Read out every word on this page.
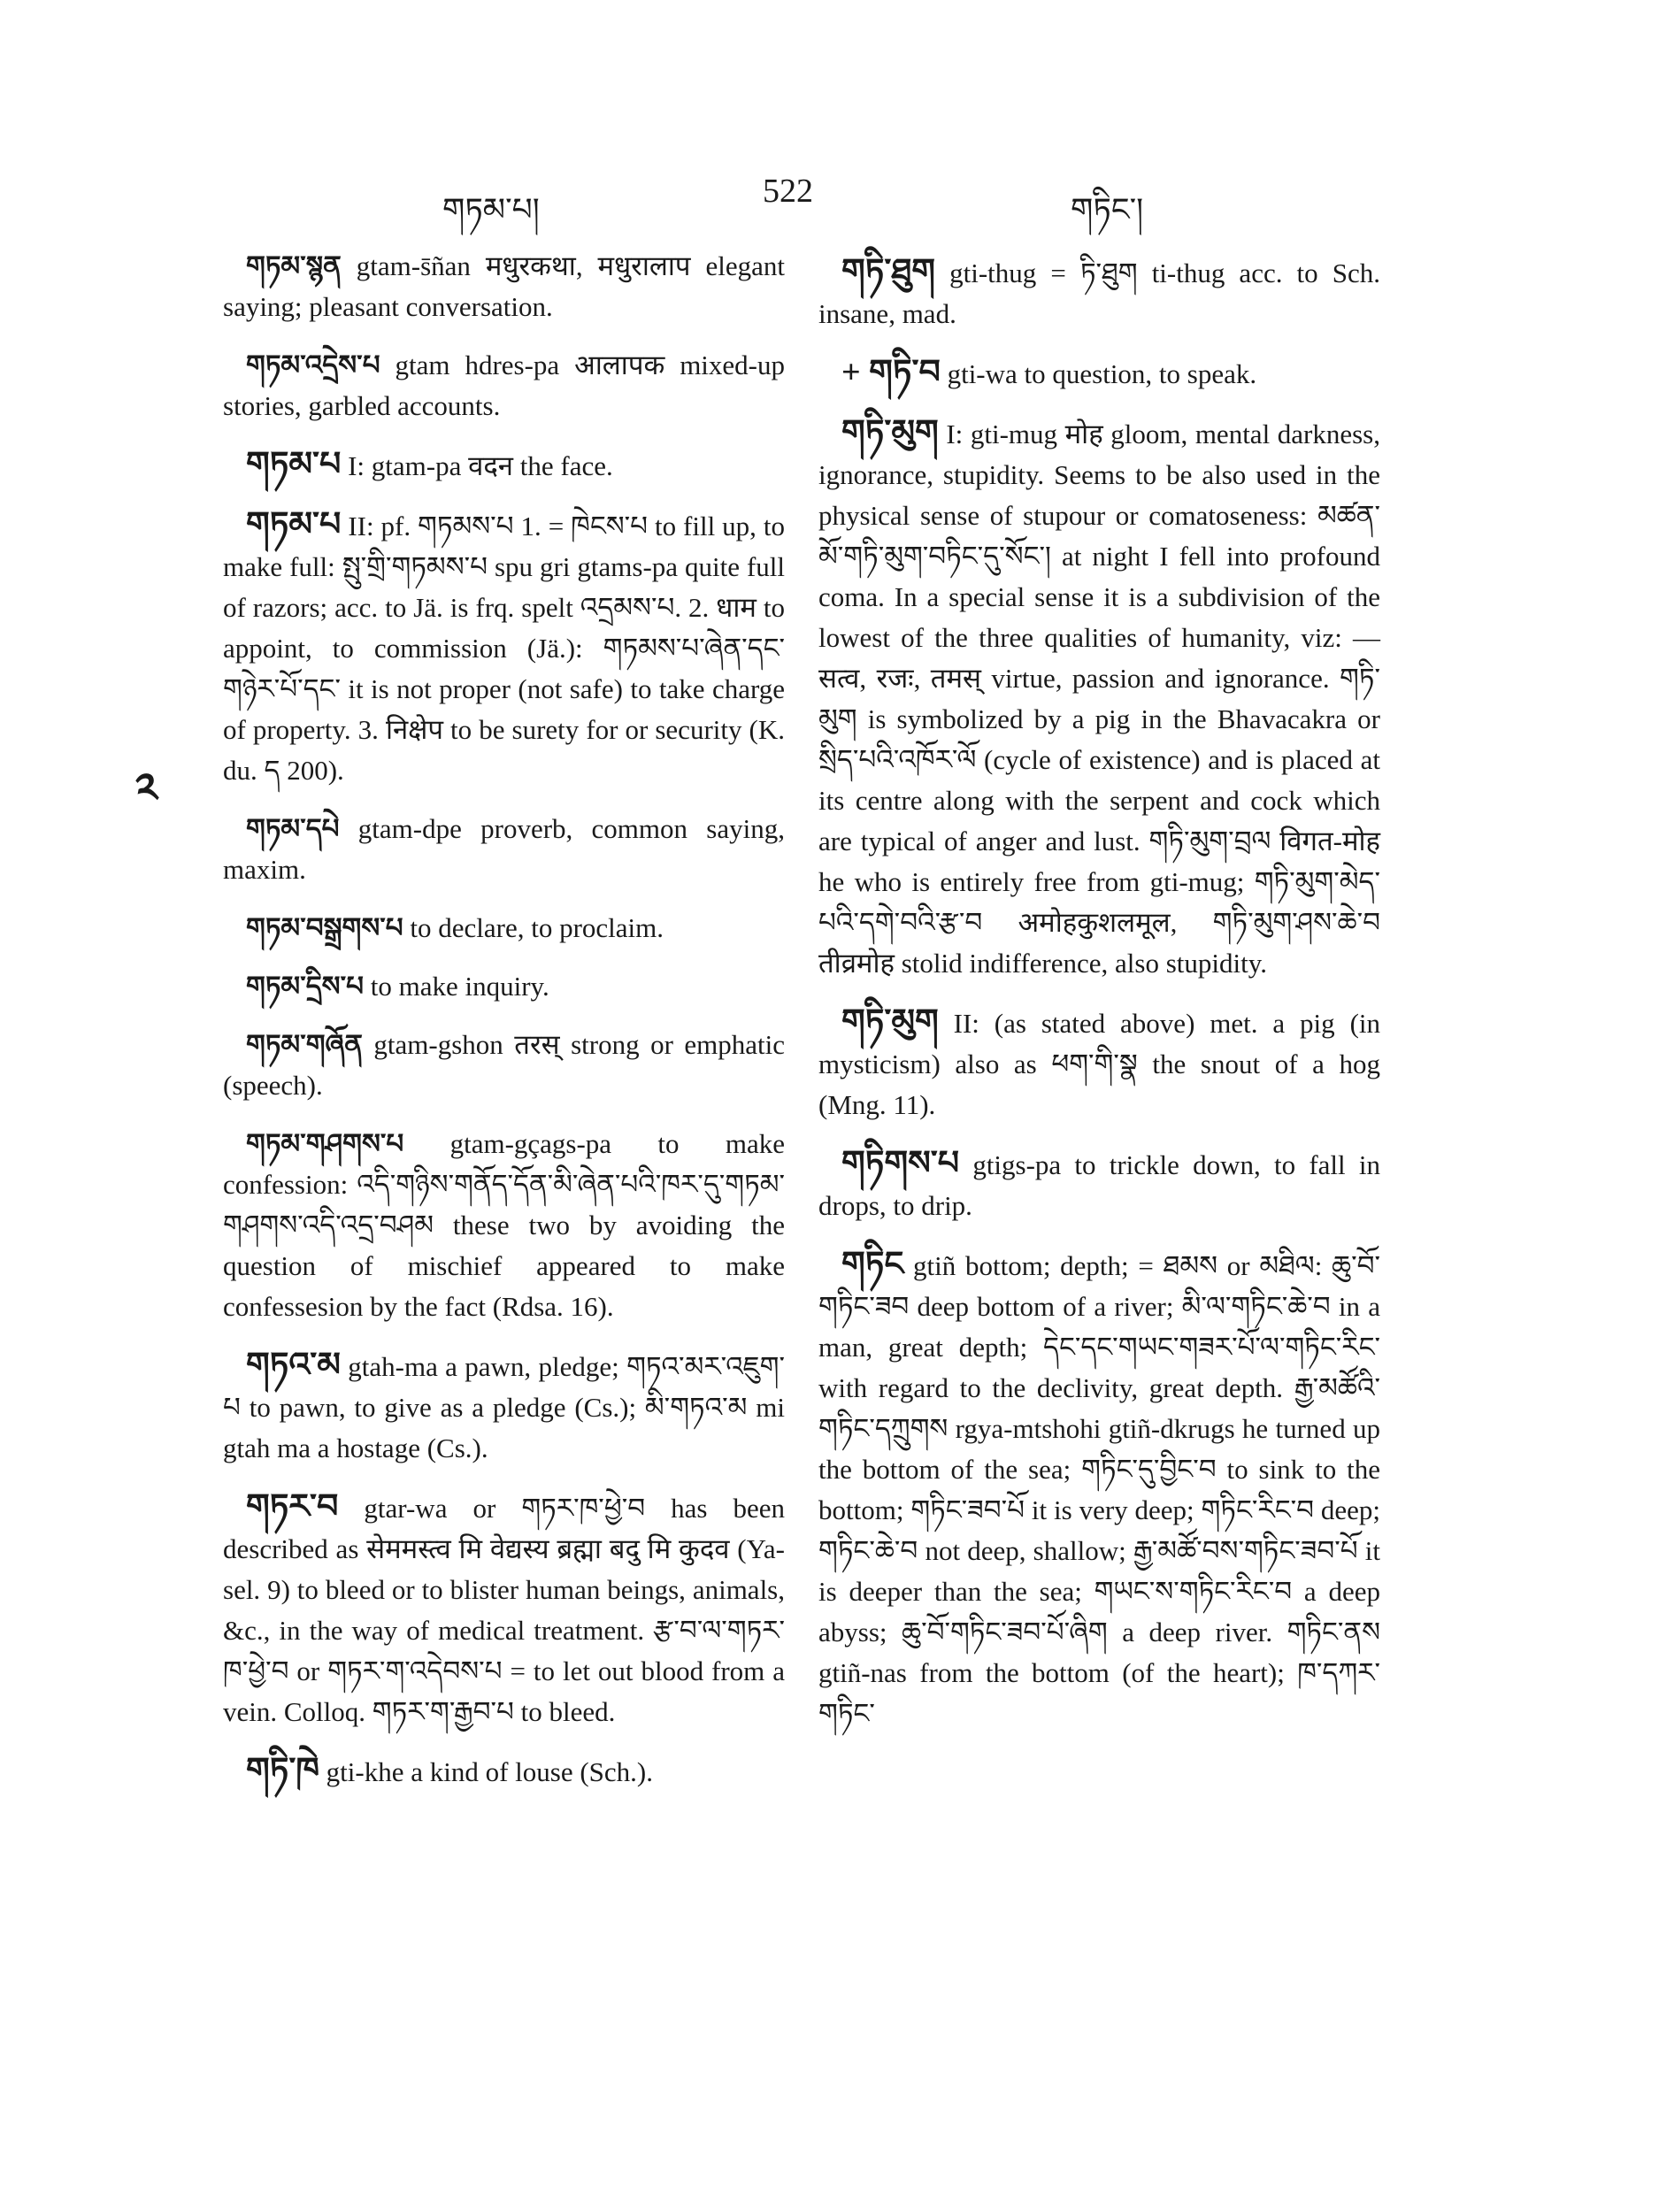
གཏམ་པ།	522	གཏིང་།
༢

གཏམ་སྙན gtam-s̄ñan मधुरकथा, मधुरालाप elegant saying; pleasant conversation.

གཏམ་འདྲེས་པ gtam hdres-pa आलापक mixed-up stories, garbled accounts.

གཏམ་པ I: gtam-pa वदन the face.

གཏམ་པ II: pf. གཏམས་པ 1. = ཁེངས་པ to fill up, to make full: སྤུ་གྲི་གཏམས་པ spu gri gtams-pa quite full of razors; acc. to Jä. is frq. spelt འདྲམས་པ. 2. धाम to appoint, to commission (Jä.): གཏམས་པ་ཞེན་དང་གཉེར་པོ་དང་ it is not proper (not safe) to take charge of property. 3. निक्षेप to be surety for or security (K. du. ད 200).

གཏམ་དཔེ gtam-dpe proverb, common saying, maxim.

གཏམ་བསྒྲགས་པ to declare, to proclaim.

གཏམ་དྲིས་པ to make inquiry.

གཏམ་གཞོན gtam-gshon तरस् strong or emphatic (speech).

གཏམ་གཤགས་པ gtam-gçags-pa to make confession: འདི་གཉིས་གནོད་དོན་མི་ཞེན་པའི་ཁར་དུ་གཏམ་གཤགས་འདི་འདྲ་བཤམ these two by avoiding the question of mischief appeared to make confessesion by the fact (Rdsa. 16).

གཏའ་མ gtah-ma a pawn, pledge; གཏའ་མར་འཇུག་པ to pawn, to give as a pledge (Cs.); མི་གཏའ་མ mi gtah ma a hostage (Cs.).

གཏར་བ gtar-wa or གཏར་ཁ་ཕྱེ་བ has been described as सेममस्त्व मि वेद्यस्य ब्रह्मा बदु मि कुदव (Ya-sel. 9) to bleed or to blister human beings, animals, &c., in the way of medical treatment. རྩ་བ་ལ་གཏར་ཁ་ཕྱེ་བ or གཏར་ག་འདེབས་པ = to let out blood from a vein. Colloq. གཏར་ག་རྒྱབ་པ to bleed.

གཏི་ཁེ gti-khe a kind of louse (Sch.).

གཏི་ཐུག gti-thug = ཏི་ཐུག ti-thug acc. to Sch. insane, mad.

+ གཏི་བ gti-wa to question, to speak.

གཏི་མུག I: gti-mug मोह gloom, mental darkness, ignorance, stupidity. Seems to be also used in the physical sense of stupour or comatoseness: མཚན་མོ་གཏི་མུག་བཏིང་དུ་སོང་། at night I fell into profound coma. In a special sense it is a subdivision of the lowest of the three qualities of humanity, viz: — सत्व, रजः, तमस् virtue, passion and ignorance. གཏི་མུག is symbolized by a pig in the Bhavacakra or སྲིད་པའི་འཁོར་ལོ (cycle of existence) and is placed at its centre along with the serpent and cock which are typical of anger and lust. གཏི་མུག་བྲལ विगत-मोह he who is entirely free from gti-mug; གཏི་མུག་མེད་པའི་དགེ་བའི་རྩ་བ अमोहकुशलमूल, གཏི་མུག་ཤས་ཆེ་བ तीव्रमोह stolid indifference, also stupidity.

གཏི་མུག II: (as stated above) met. a pig (in mysticism) also as ཕག་གི་སྣ the snout of a hog (Mng. 11).

གཏིགས་པ gtigs-pa to trickle down, to fall in drops, to drip.

གཏིང gtiñ bottom; depth; = ཐམས or མཐིལ: ཆུ་བོ་གཏིང་ཟབ deep bottom of a river; མི་ལ་གཏིང་ཆེ་བ in a man, great depth; དེང་དང་གཡང་གཟར་པོ་ལ་གཏིང་རིང་ with regard to the declivity, great depth. རྒྱ་མཚོའི་གཏིང་དཀྲུགས rgya-mtshohi gtiñ-dkrugs he turned up the bottom of the sea; གཏིང་དུ་བྱིང་བ to sink to the bottom; གཏིང་ཟབ་པོ it is very deep; གཏིང་རིང་བ deep; གཏིང་ཆེ་བ not deep, shallow; རྒྱ་མཚོ་བས་གཏིང་ཟབ་པོ it is deeper than the sea; གཡང་ས་གཏིང་རིང་བ a deep abyss; ཆུ་བོ་གཏིང་ཟབ་པོ་ཞིག a deep river. གཏིང་ནས gtiñ-nas from the bottom (of the heart); ཁ་དཀར་གཏིང་
